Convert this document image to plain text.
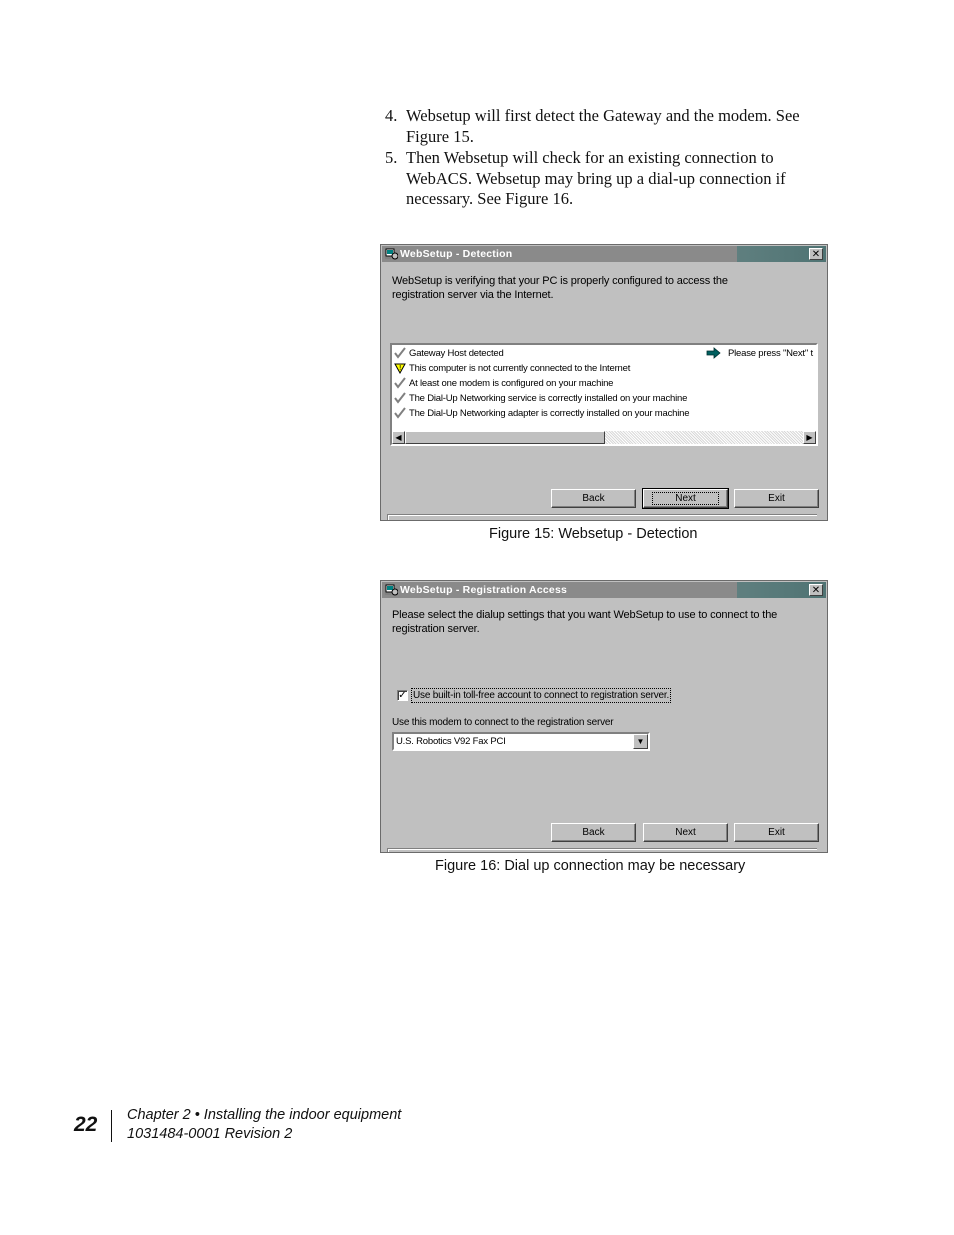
4. Websetup will first detect the Gateway and the modem. See Figure 15.
5. Then Websetup will check for an existing connection to WebACS. Websetup may bring up a dial-up connection if necessary. See Figure 16.
WebSetup - Detection	✕
WebSetup is verifying that your PC is properly configured to access the
registration server via the Internet.
Gateway Host detected
! This computer is not currently connected to the Internet
At least one modem is configured on your machine
The Dial-Up Networking service is correctly installed on your machine
The Dial-Up Networking adapter is correctly installed on your machine
Please press "Next" t
◀	▶
Back	Next	Exit
Figure 15: Websetup - Detection
WebSetup - Registration Access	✕
Please select the dialup settings that you want WebSetup to use to connect to the
registration server.
✓ Use built-in toll-free account to connect to registration server.
Use this modem to connect to the registration server
U.S. Robotics V92 Fax PCI	▼
Back	Next	Exit
Figure 16: Dial up connection may be necessary
22 Chapter 2 • Installing the indoor equipment
1031484-0001 Revision 2
